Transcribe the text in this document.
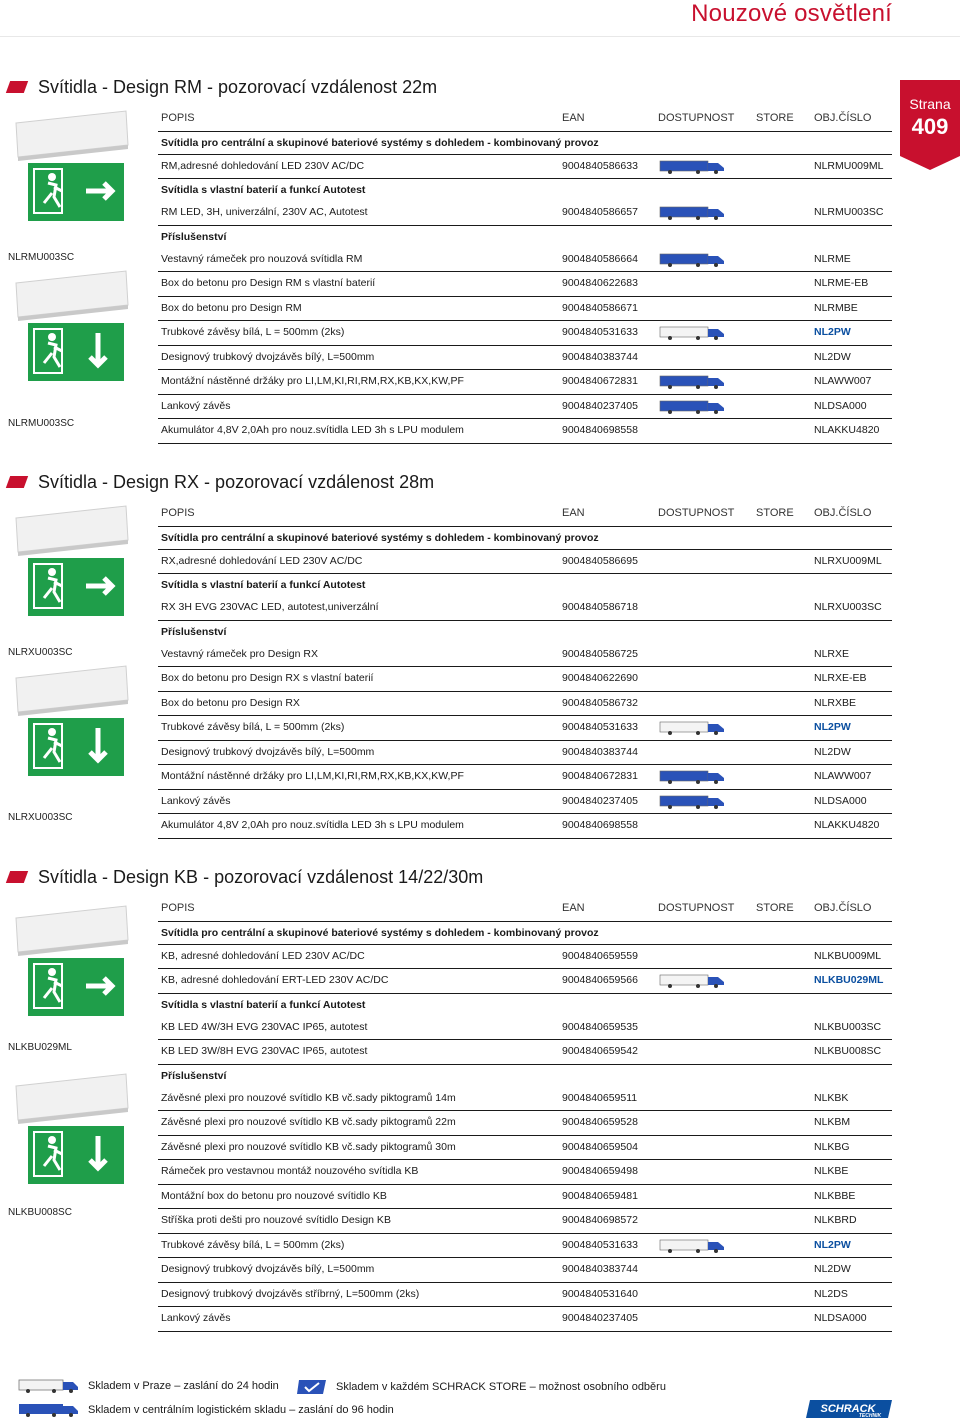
Nouzové osvětlení
Strana
409
Svítidla - Design RM - pozorovací vzdálenost 22m
NLRMU003SC
NLRMU003SC
POPIS	EAN	DOSTUPNOST STORE OBJ.ČÍSLO
Svítidla pro centrální a skupinové bateriové systémy s dohledem - kombinovaný provoz
RM,adresné dohledování LED 230V AC/DC	9004840586633	NLRMU009ML
Svítidla s vlastní baterií a funkcí Autotest
RM LED, 3H, univerzální, 230V AC, Autotest	9004840586657	NLRMU003SC
Příslušenství
Vestavný rámeček pro nouzová svítidla RM	9004840586664	NLRME
Box do betonu pro Design RM s vlastní baterií	9004840622683	NLRME-EB
Box do betonu pro Design RM	9004840586671	NLRMBE
Trubkové závěsy bílá, L = 500mm (2ks)	9004840531633	NL2PW
Designový trubkový dvojzávěs bílý, L=500mm	9004840383744	NL2DW
Montážní nástěnné držáky pro LI,LM,KI,RI,RM,RX,KB,KX,KW,PF	9004840672831	NLAWW007
Lankový závěs	9004840237405	NLDSA000
Akumulátor 4,8V 2,0Ah pro nouz.svítidla LED 3h s LPU modulem	9004840698558	NLAKKU4820
Svítidla - Design RX - pozorovací vzdálenost 28m
NLRXU003SC
NLRXU003SC
POPIS	EAN	DOSTUPNOST STORE OBJ.ČÍSLO
Svítidla pro centrální a skupinové bateriové systémy s dohledem - kombinovaný provoz
RX,adresné dohledování LED 230V AC/DC	9004840586695	NLRXU009ML
Svítidla s vlastní baterií a funkcí Autotest
RX 3H EVG 230VAC LED, autotest,univerzální	9004840586718	NLRXU003SC
Příslušenství
Vestavný rámeček pro Design RX	9004840586725	NLRXE
Box do betonu pro Design RX s vlastní baterií	9004840622690	NLRXE-EB
Box do betonu pro Design RX	9004840586732	NLRXBE
Trubkové závěsy bílá, L = 500mm (2ks)	9004840531633	NL2PW
Designový trubkový dvojzávěs bílý, L=500mm	9004840383744	NL2DW
Montážní nástěnné držáky pro LI,LM,KI,RI,RM,RX,KB,KX,KW,PF	9004840672831	NLAWW007
Lankový závěs	9004840237405	NLDSA000
Akumulátor 4,8V 2,0Ah pro nouz.svítidla LED 3h s LPU modulem	9004840698558	NLAKKU4820
Svítidla - Design KB - pozorovací vzdálenost 14/22/30m
NLKBU029ML
NLKBU008SC
POPIS	EAN	DOSTUPNOST STORE OBJ.ČÍSLO
Svítidla pro centrální a skupinové bateriové systémy s dohledem - kombinovaný provoz
KB, adresné dohledování LED 230V AC/DC	9004840659559	NLKBU009ML
KB, adresné dohledování ERT-LED 230V AC/DC	9004840659566	NLKBU029ML
Svítidla s vlastní baterií a funkcí Autotest
KB LED 4W/3H EVG 230VAC IP65, autotest	9004840659535	NLKBU003SC
KB LED 3W/8H EVG 230VAC IP65, autotest	9004840659542	NLKBU008SC
Příslušenství
Závěsné plexi pro nouzové svítidlo KB vč.sady piktogramů 14m	9004840659511	NLKBK
Závěsné plexi pro nouzové svítidlo KB vč.sady piktogramů 22m	9004840659528	NLKBM
Závěsné plexi pro nouzové svítidlo KB vč.sady piktogramů 30m	9004840659504	NLKBG
Rámeček pro vestavnou montáž nouzového svítidla KB	9004840659498	NLKBE
Montážní box do betonu pro nouzové svítidlo KB	9004840659481	NLKBBE
Stříška proti dešti pro nouzové svítidlo Design KB	9004840698572	NLKBRD
Trubkové závěsy bílá, L = 500mm (2ks)	9004840531633	NL2PW
Designový trubkový dvojzávěs bílý, L=500mm	9004840383744	NL2DW
Designový trubkový dvojzávěs stříbrný, L=500mm (2ks)	9004840531640	NL2DS
Lankový závěs	9004840237405	NLDSA000
Skladem v Praze – zaslání do 24 hodin	Skladem v každém SCHRACK STORE – možnost osobního odběru
Skladem v centrálním logistickém skladu – zaslání do 96 hodin	SCHRACK
TECHNIK
